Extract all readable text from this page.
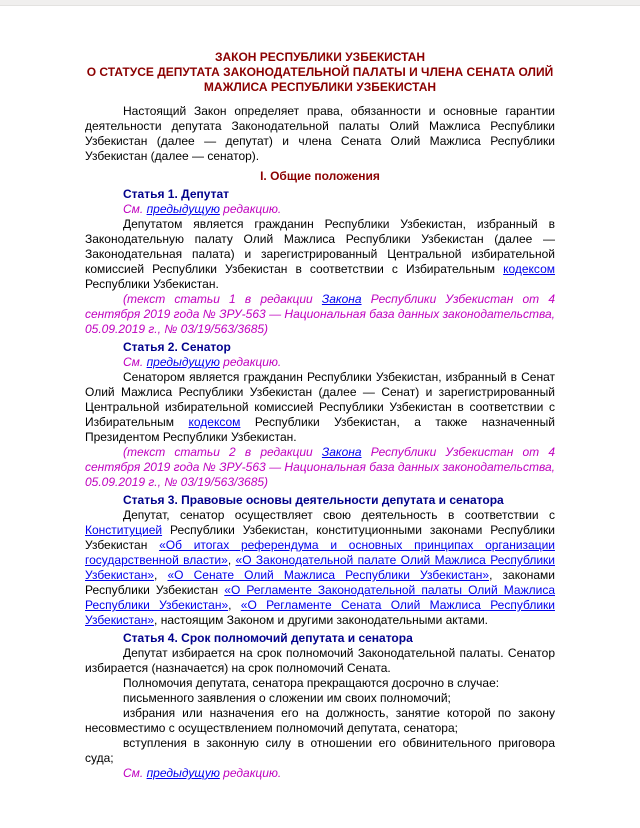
ЗАКОН РЕСПУБЛИКИ УЗБЕКИСТАН

О СТАТУСЕ ДЕПУТАТА ЗАКОНОДАТЕЛЬНОЙ ПАЛАТЫ И ЧЛЕНА СЕНАТА ОЛИЙ МАЖЛИСА РЕСПУБЛИКИ УЗБЕКИСТАН

Настоящий Закон определяет права, обязанности и основные гарантии деятельности депутата Законодательной палаты Олий Мажлиса Республики Узбекистан (далее — депутат) и члена Сената Олий Мажлиса Республики Узбекистан (далее — сенатор).

I. Общие положения

Статья 1. Депутат

См. предыдущую редакцию.

Депутатом является гражданин Республики Узбекистан, избранный в Законодательную палату Олий Мажлиса Республики Узбекистан (далее — Законодательная палата) и зарегистрированный Центральной избирательной комиссией Республики Узбекистан в соответствии с Избирательным кодексом Республики Узбекистан.

(текст статьи 1 в редакции Закона Республики Узбекистан от 4 сентября 2019 года № ЗРУ-563 — Национальная база данных законодательства, 05.09.2019 г., № 03/19/563/3685)

Статья 2. Сенатор

См. предыдущую редакцию.

Сенатором является гражданин Республики Узбекистан, избранный в Сенат Олий Мажлиса Республики Узбекистан (далее — Сенат) и зарегистрированный Центральной избирательной комиссией Республики Узбекистан в соответствии с Избирательным кодексом Республики Узбекистан, а также назначенный Президентом Республики Узбекистан.

(текст статьи 2 в редакции Закона Республики Узбекистан от 4 сентября 2019 года № ЗРУ-563 — Национальная база данных законодательства, 05.09.2019 г., № 03/19/563/3685)

Статья 3. Правовые основы деятельности депутата и сенатора

Депутат, сенатор осуществляет свою деятельность в соответствии с Конституцией Республики Узбекистан, конституционными законами Республики Узбекистан «Об итогах референдума и основных принципах организации государственной власти», «О Законодательной палате Олий Мажлиса Республики Узбекистан», «О Сенате Олий Мажлиса Республики Узбекистан», законами Республики Узбекистан «О Регламенте Законодательной палаты Олий Мажлиса Республики Узбекистан», «О Регламенте Сената Олий Мажлиса Республики Узбекистан», настоящим Законом и другими законодательными актами.

Статья 4. Срок полномочий депутата и сенатора

Депутат избирается на срок полномочий Законодательной палаты. Сенатор избирается (назначается) на срок полномочий Сената.

Полномочия депутата, сенатора прекращаются досрочно в случае:

письменного заявления о сложении им своих полномочий;

избрания или назначения его на должность, занятие которой по закону несовместимо с осуществлением полномочий депутата, сенатора;

вступления в законную силу в отношении его обвинительного приговора суда;

См. предыдущую редакцию.
